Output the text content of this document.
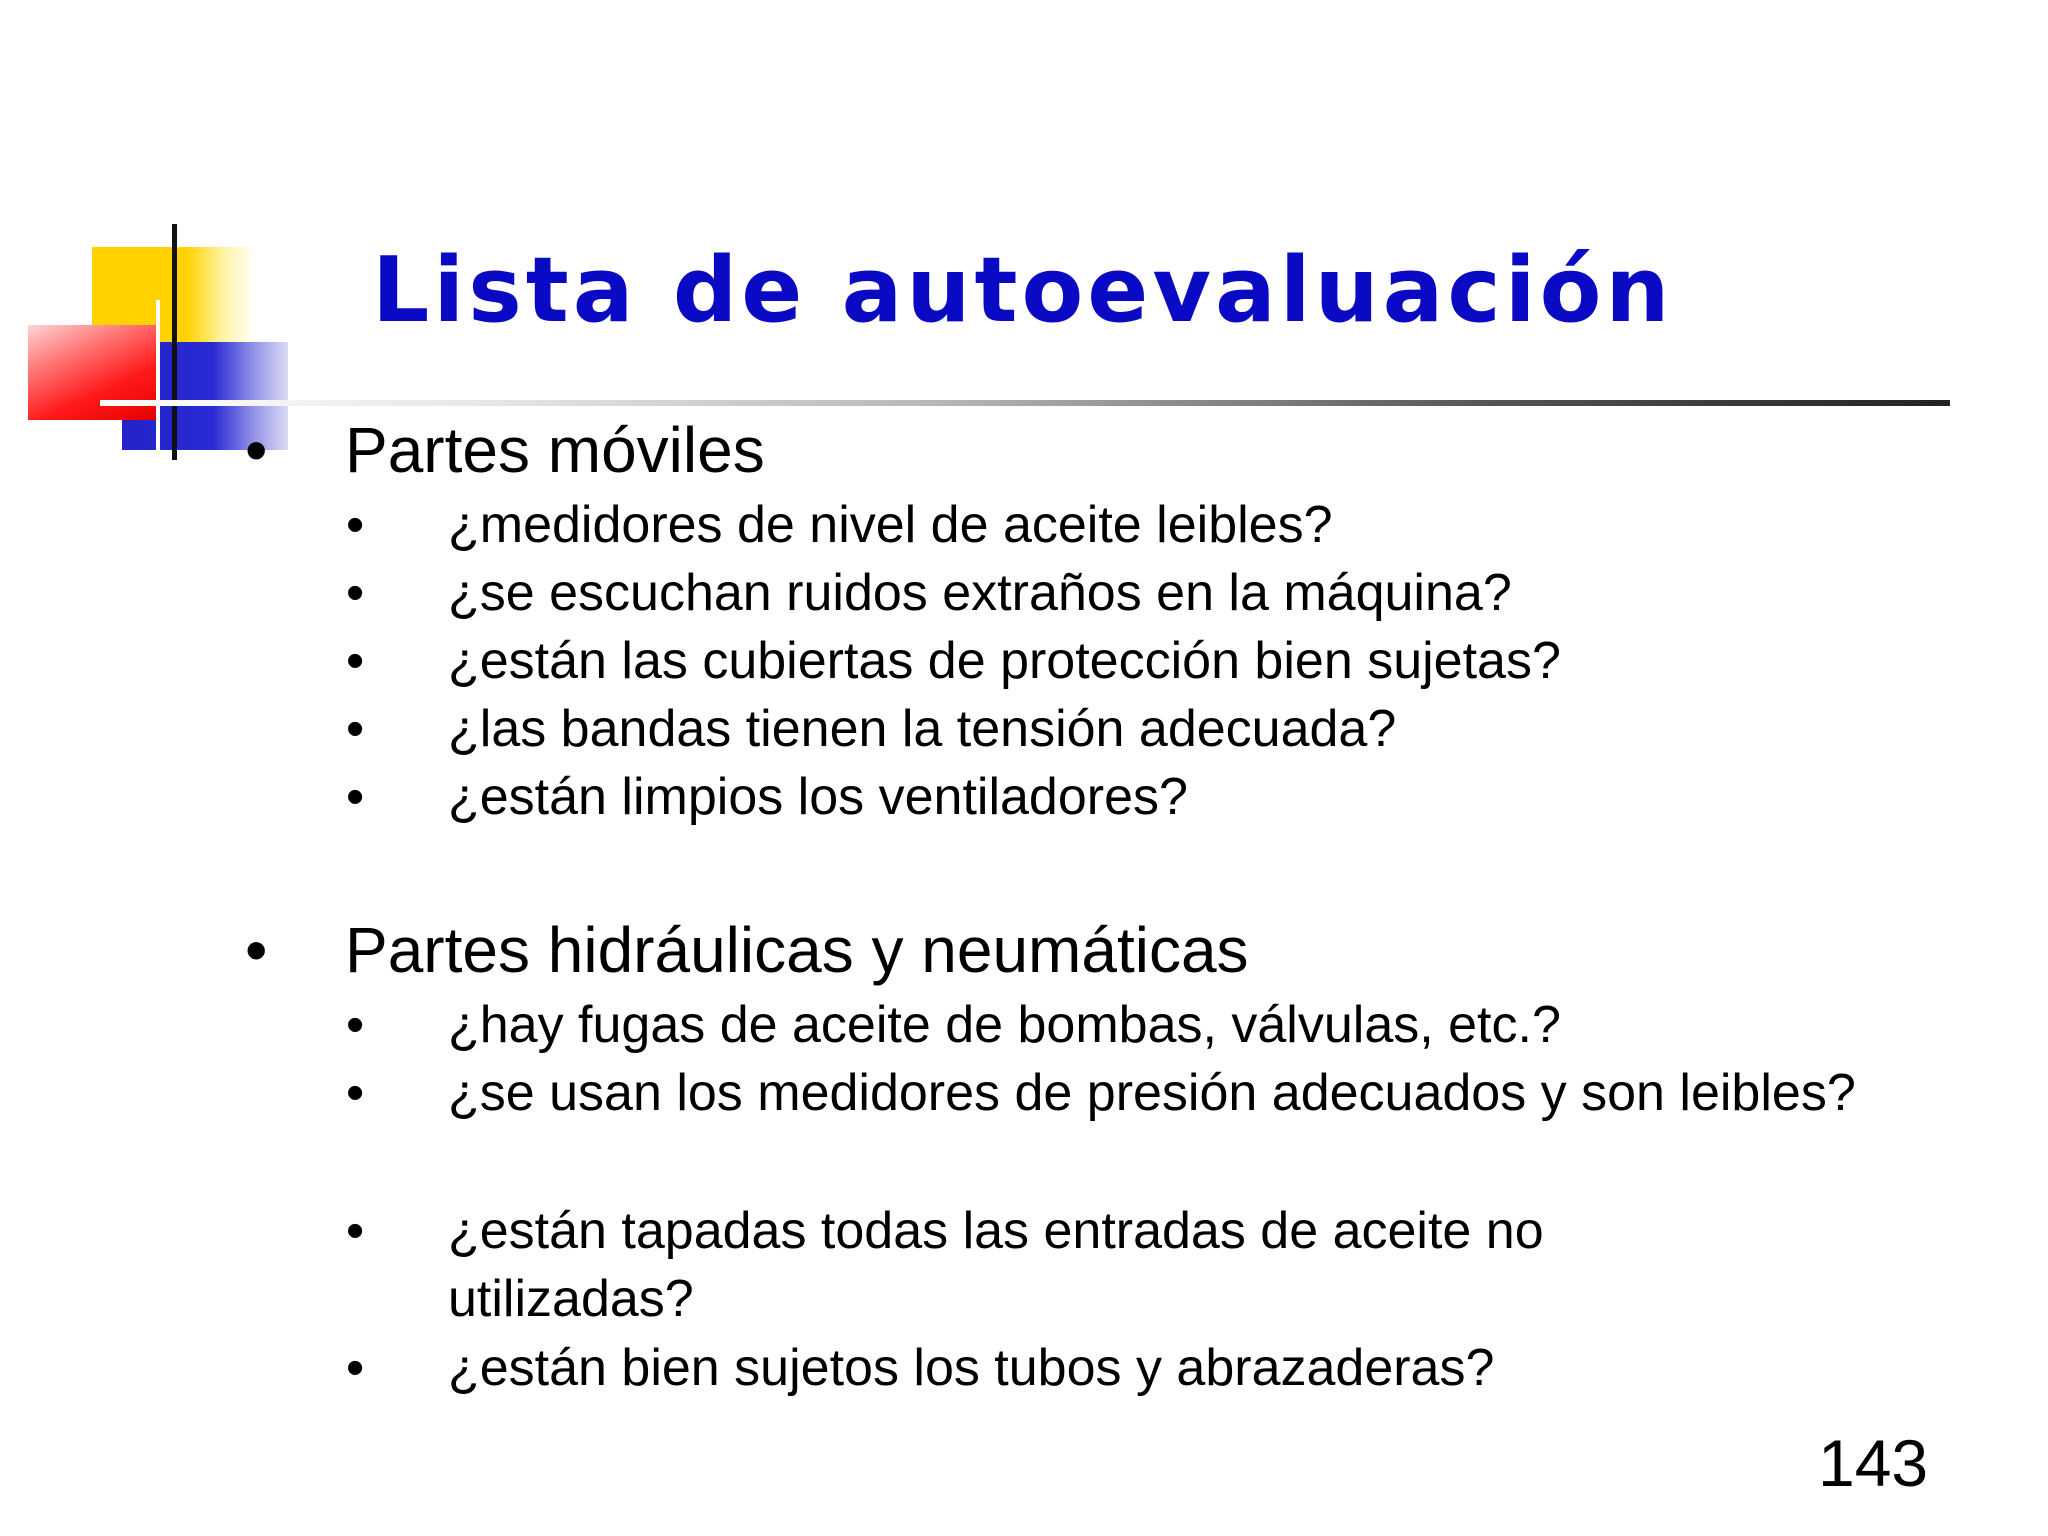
Lista de autoevaluación
• Partes móviles
• ¿medidores de nivel de aceite leibles?
• ¿se escuchan ruidos extraños en la máquina?
• ¿están las cubiertas de protección bien sujetas?
• ¿las bandas tienen la tensión adecuada?
• ¿están limpios los ventiladores?
• Partes hidráulicas y neumáticas
• ¿hay fugas de aceite de bombas, válvulas, etc.?
• ¿se usan los medidores de presión adecuados y son leibles?
• ¿están tapadas todas las entradas de aceite no utilizadas?
• ¿están bien sujetos los tubos y abrazaderas?
143
